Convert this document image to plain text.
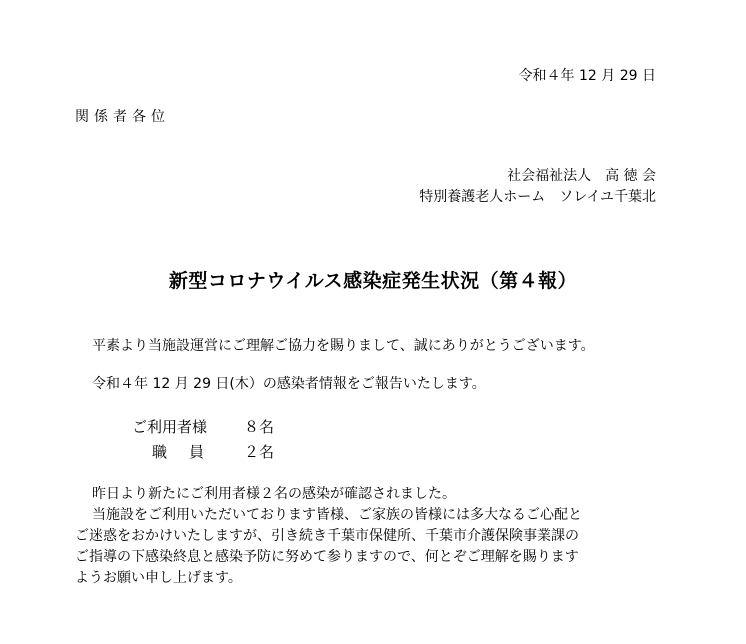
令和４年 12 月 29 日
関係者各位
社会福祉法人　高 徳 会
特別養護老人ホーム　ソレイユ千葉北
新型コロナウイルス感染症発生状況（第４報）
平素より当施設運営にご理解ご協力を賜りまして、誠にありがとうございます。
令和４年 12 月 29 日(木）の感染者情報をご報告いたします。
ご利用者様 ８名
職員 ２名
昨日より新たにご利用者様２名の感染が確認されました。
当施設をご利用いただいております皆様、ご家族の皆様には多大なるご心配と
ご迷惑をおかけいたしますが、引き続き千葉市保健所、千葉市介護保険事業課の
ご指導の下感染終息と感染予防に努めて参りますので、何とぞご理解を賜ります
ようお願い申し上げます。
